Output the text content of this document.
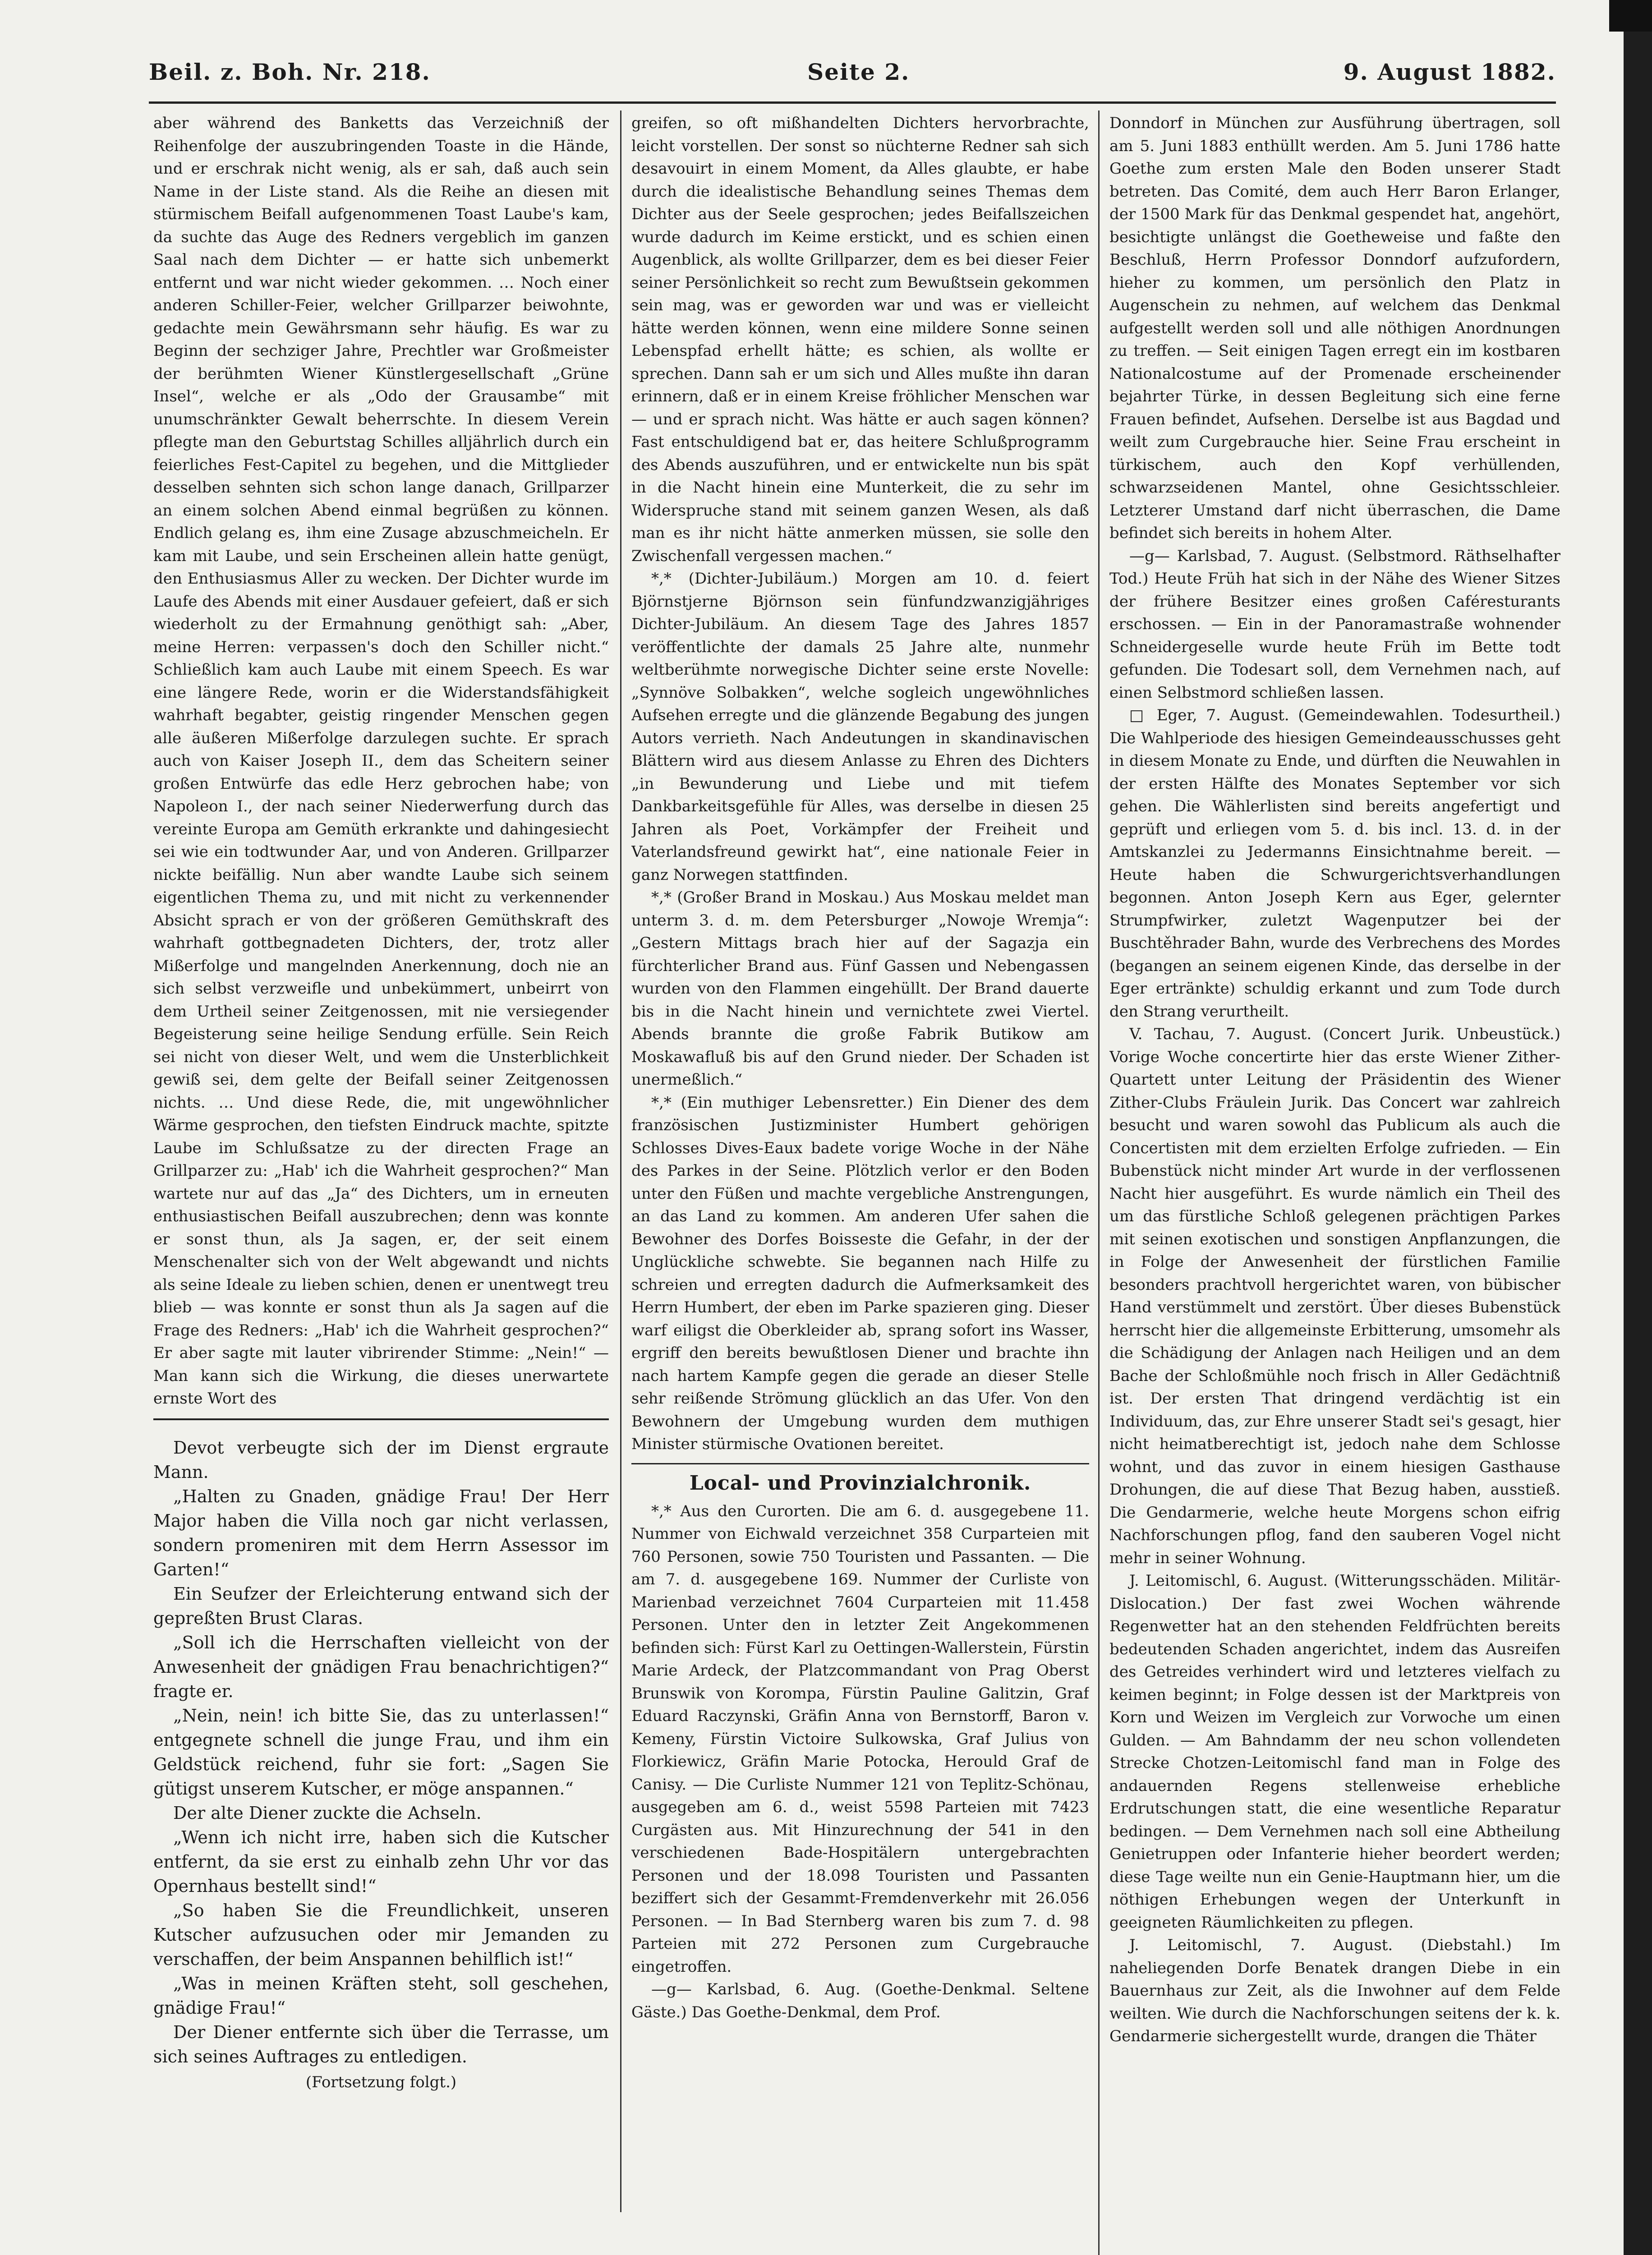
Beil. z. Boh. Nr. 218.	Seite 2.	9. August 1882.

aber während des Banketts das Verzeichniß der Reihenfolge der auszubringenden Toaste in die Hände, und er erschrak nicht wenig, als er sah, daß auch sein Name in der Liste stand. Als die Reihe an diesen mit stürmischem Beifall aufgenommenen Toast Laube's kam, da suchte das Auge des Redners vergeblich im ganzen Saal nach dem Dichter — er hatte sich unbemerkt entfernt und war nicht wieder gekommen. … Noch einer anderen Schiller-Feier, welcher Grillparzer beiwohnte, gedachte mein Gewährsmann sehr häufig. Es war zu Beginn der sechziger Jahre, Prechtler war Großmeister der berühmten Wiener Künstlergesellschaft „Grüne Insel“, welche er als „Odo der Grausambe“ mit unumschränkter Gewalt beherrschte. In diesem Verein pflegte man den Geburtstag Schilles alljährlich durch ein feierliches Fest-Capitel zu begehen, und die Mittglieder desselben sehnten sich schon lange danach, Grillparzer an einem solchen Abend einmal begrüßen zu können. Endlich gelang es, ihm eine Zusage abzuschmeicheln. Er kam mit Laube, und sein Erscheinen allein hatte genügt, den Enthusiasmus Aller zu wecken. Der Dichter wurde im Laufe des Abends mit einer Ausdauer gefeiert, daß er sich wiederholt zu der Ermahnung genöthigt sah: „Aber, meine Herren: verpassen's doch den Schiller nicht.“ Schließlich kam auch Laube mit einem Speech. Es war eine längere Rede, worin er die Widerstandsfähigkeit wahrhaft begabter, geistig ringender Menschen gegen alle äußeren Mißerfolge darzulegen suchte. Er sprach auch von Kaiser Joseph II., dem das Scheitern seiner großen Entwürfe das edle Herz gebrochen habe; von Napoleon I., der nach seiner Niederwerfung durch das vereinte Europa am Gemüth erkrankte und dahingesiecht sei wie ein todtwunder Aar, und von Anderen. Grillparzer nickte beifällig. Nun aber wandte Laube sich seinem eigentlichen Thema zu, und mit nicht zu verkennender Absicht sprach er von der größeren Gemüthskraft des wahrhaft gottbegnadeten Dichters, der, trotz aller Mißerfolge und mangelnden Anerkennung, doch nie an sich selbst verzweifle und unbekümmert, unbeirrt von dem Urtheil seiner Zeitgenossen, mit nie versiegender Begeisterung seine heilige Sendung erfülle. Sein Reich sei nicht von dieser Welt, und wem die Unsterblichkeit gewiß sei, dem gelte der Beifall seiner Zeitgenossen nichts. … Und diese Rede, die, mit ungewöhnlicher Wärme gesprochen, den tiefsten Eindruck machte, spitzte Laube im Schlußsatze zu der directen Frage an Grillparzer zu: „Hab' ich die Wahrheit gesprochen?“ Man wartete nur auf das „Ja“ des Dichters, um in erneuten enthusiastischen Beifall auszubrechen; denn was konnte er sonst thun, als Ja sagen, er, der seit einem Menschenalter sich von der Welt abgewandt und nichts als seine Ideale zu lieben schien, denen er unentwegt treu blieb — was konnte er sonst thun als Ja sagen auf die Frage des Redners: „Hab' ich die Wahrheit gesprochen?“ Er aber sagte mit lauter vibrirender Stimme: „Nein!“ — Man kann sich die Wirkung, die dieses unerwartete ernste Wort des

Devot verbeugte sich der im Dienst ergraute Mann.

„Halten zu Gnaden, gnädige Frau! Der Herr Major haben die Villa noch gar nicht verlassen, sondern promeniren mit dem Herrn Assessor im Garten!“

Ein Seufzer der Erleichterung entwand sich der gepreßten Brust Claras.

„Soll ich die Herrschaften vielleicht von der Anwesenheit der gnädigen Frau benachrichtigen?“ fragte er.

„Nein, nein! ich bitte Sie, das zu unterlassen!“ entgegnete schnell die junge Frau, und ihm ein Geldstück reichend, fuhr sie fort: „Sagen Sie gütigst unserem Kutscher, er möge anspannen.“

Der alte Diener zuckte die Achseln.

„Wenn ich nicht irre, haben sich die Kutscher entfernt, da sie erst zu einhalb zehn Uhr vor das Opernhaus bestellt sind!“

„So haben Sie die Freundlichkeit, unseren Kutscher aufzusuchen oder mir Jemanden zu verschaffen, der beim Anspannen behilflich ist!“

„Was in meinen Kräften steht, soll geschehen, gnädige Frau!“

Der Diener entfernte sich über die Terrasse, um sich seines Auftrages zu entledigen.

(Fortsetzung folgt.)

greifen, so oft mißhandelten Dichters hervorbrachte, leicht vorstellen. Der sonst so nüchterne Redner sah sich desavouirt in einem Moment, da Alles glaubte, er habe durch die idealistische Behandlung seines Themas dem Dichter aus der Seele gesprochen; jedes Beifallszeichen wurde dadurch im Keime erstickt, und es schien einen Augenblick, als wollte Grillparzer, dem es bei dieser Feier seiner Persönlichkeit so recht zum Bewußtsein gekommen sein mag, was er geworden war und was er vielleicht hätte werden können, wenn eine mildere Sonne seinen Lebenspfad erhellt hätte; es schien, als wollte er sprechen. Dann sah er um sich und Alles mußte ihn daran erinnern, daß er in einem Kreise fröhlicher Menschen war — und er sprach nicht. Was hätte er auch sagen können? Fast entschuldigend bat er, das heitere Schlußprogramm des Abends auszuführen, und er entwickelte nun bis spät in die Nacht hinein eine Munterkeit, die zu sehr im Widerspruche stand mit seinem ganzen Wesen, als daß man es ihr nicht hätte anmerken müssen, sie solle den Zwischenfall vergessen machen.“

*,* (Dichter-Jubiläum.) Morgen am 10. d. feiert Björnstjerne Björnson sein fünfundzwanzigjähriges Dichter-Jubiläum. An diesem Tage des Jahres 1857 veröffentlichte der damals 25 Jahre alte, nunmehr weltberühmte norwegische Dichter seine erste Novelle: „Synnöve Solbakken“, welche sogleich ungewöhnliches Aufsehen erregte und die glänzende Begabung des jungen Autors verrieth. Nach Andeutungen in skandinavischen Blättern wird aus diesem Anlasse zu Ehren des Dichters „in Bewunderung und Liebe und mit tiefem Dankbarkeitsgefühle für Alles, was derselbe in diesen 25 Jahren als Poet, Vorkämpfer der Freiheit und Vaterlandsfreund gewirkt hat“, eine nationale Feier in ganz Norwegen stattfinden.

*,* (Großer Brand in Moskau.) Aus Moskau meldet man unterm 3. d. m. dem Petersburger „Nowoje Wremja“: „Gestern Mittags brach hier auf der Sagazja ein fürchterlicher Brand aus. Fünf Gassen und Nebengassen wurden von den Flammen eingehüllt. Der Brand dauerte bis in die Nacht hinein und vernichtete zwei Viertel. Abends brannte die große Fabrik Butikow am Moskawafluß bis auf den Grund nieder. Der Schaden ist unermeßlich.“

*,* (Ein muthiger Lebensretter.) Ein Diener des dem französischen Justizminister Humbert gehörigen Schlosses Dives-Eaux badete vorige Woche in der Nähe des Parkes in der Seine. Plötzlich verlor er den Boden unter den Füßen und machte vergebliche Anstrengungen, an das Land zu kommen. Am anderen Ufer sahen die Bewohner des Dorfes Boisseste die Gefahr, in der der Unglückliche schwebte. Sie begannen nach Hilfe zu schreien und erregten dadurch die Aufmerksamkeit des Herrn Humbert, der eben im Parke spazieren ging. Dieser warf eiligst die Oberkleider ab, sprang sofort ins Wasser, ergriff den bereits bewußtlosen Diener und brachte ihn nach hartem Kampfe gegen die gerade an dieser Stelle sehr reißende Strömung glücklich an das Ufer. Von den Bewohnern der Umgebung wurden dem muthigen Minister stürmische Ovationen bereitet.

Local- und Provinzialchronik.

*,* Aus den Curorten. Die am 6. d. ausgegebene 11. Nummer von Eichwald verzeichnet 358 Curparteien mit 760 Personen, sowie 750 Touristen und Passanten. — Die am 7. d. ausgegebene 169. Nummer der Curliste von Marienbad verzeichnet 7604 Curparteien mit 11.458 Personen. Unter den in letzter Zeit Angekommenen befinden sich: Fürst Karl zu Oettingen-Wallerstein, Fürstin Marie Ardeck, der Platzcommandant von Prag Oberst Brunswik von Korompa, Fürstin Pauline Galitzin, Graf Eduard Raczynski, Gräfin Anna von Bernstorff, Baron v. Kemeny, Fürstin Victoire Sulkowska, Graf Julius von Florkiewicz, Gräfin Marie Potocka, Herould Graf de Canisy. — Die Curliste Nummer 121 von Teplitz-Schönau, ausgegeben am 6. d., weist 5598 Parteien mit 7423 Curgästen aus. Mit Hinzurechnung der 541 in den verschiedenen Bade-Hospitälern untergebrachten Personen und der 18.098 Touristen und Passanten beziffert sich der Gesammt-Fremdenverkehr mit 26.056 Personen. — In Bad Sternberg waren bis zum 7. d. 98 Parteien mit 272 Personen zum Curgebrauche eingetroffen.

—g— Karlsbad, 6. Aug. (Goethe-Denkmal. Seltene Gäste.) Das Goethe-Denkmal, dem Prof.

Donndorf in München zur Ausführung übertragen, soll am 5. Juni 1883 enthüllt werden. Am 5. Juni 1786 hatte Goethe zum ersten Male den Boden unserer Stadt betreten. Das Comité, dem auch Herr Baron Erlanger, der 1500 Mark für das Denkmal gespendet hat, angehört, besichtigte unlängst die Goetheweise und faßte den Beschluß, Herrn Professor Donndorf aufzufordern, hieher zu kommen, um persönlich den Platz in Augenschein zu nehmen, auf welchem das Denkmal aufgestellt werden soll und alle nöthigen Anordnungen zu treffen. — Seit einigen Tagen erregt ein im kostbaren Nationalcostume auf der Promenade erscheinender bejahrter Türke, in dessen Begleitung sich eine ferne Frauen befindet, Aufsehen. Derselbe ist aus Bagdad und weilt zum Curgebrauche hier. Seine Frau erscheint in türkischem, auch den Kopf verhüllenden, schwarzseidenen Mantel, ohne Gesichtsschleier. Letzterer Umstand darf nicht überraschen, die Dame befindet sich bereits in hohem Alter.

—g— Karlsbad, 7. August. (Selbstmord. Räthselhafter Tod.) Heute Früh hat sich in der Nähe des Wiener Sitzes der frühere Besitzer eines großen Caféresturants erschossen. — Ein in der Panoramastraße wohnender Schneidergeselle wurde heute Früh im Bette todt gefunden. Die Todesart soll, dem Vernehmen nach, auf einen Selbstmord schließen lassen.

□ Eger, 7. August. (Gemeindewahlen. Todesurtheil.) Die Wahlperiode des hiesigen Gemeindeausschusses geht in diesem Monate zu Ende, und dürften die Neuwahlen in der ersten Hälfte des Monates September vor sich gehen. Die Wählerlisten sind bereits angefertigt und geprüft und erliegen vom 5. d. bis incl. 13. d. in der Amtskanzlei zu Jedermanns Einsichtnahme bereit. — Heute haben die Schwurgerichtsverhandlungen begonnen. Anton Joseph Kern aus Eger, gelernter Strumpfwirker, zuletzt Wagenputzer bei der Buschtěhrader Bahn, wurde des Verbrechens des Mordes (begangen an seinem eigenen Kinde, das derselbe in der Eger ertränkte) schuldig erkannt und zum Tode durch den Strang verurtheilt.

V. Tachau, 7. August. (Concert Jurik. Unbeustück.) Vorige Woche concertirte hier das erste Wiener Zither-Quartett unter Leitung der Präsidentin des Wiener Zither-Clubs Fräulein Jurik. Das Concert war zahlreich besucht und waren sowohl das Publicum als auch die Concertisten mit dem erzielten Erfolge zufrieden. — Ein Bubenstück nicht minder Art wurde in der verflossenen Nacht hier ausgeführt. Es wurde nämlich ein Theil des um das fürstliche Schloß gelegenen prächtigen Parkes mit seinen exotischen und sonstigen Anpflanzungen, die in Folge der Anwesenheit der fürstlichen Familie besonders prachtvoll hergerichtet waren, von bübischer Hand verstümmelt und zerstört. Über dieses Bubenstück herrscht hier die allgemeinste Erbitterung, umsomehr als die Schädigung der Anlagen nach Heiligen und an dem Bache der Schloßmühle noch frisch in Aller Gedächtniß ist. Der ersten That dringend verdächtig ist ein Individuum, das, zur Ehre unserer Stadt sei's gesagt, hier nicht heimatberechtigt ist, jedoch nahe dem Schlosse wohnt, und das zuvor in einem hiesigen Gasthause Drohungen, die auf diese That Bezug haben, ausstieß. Die Gendarmerie, welche heute Morgens schon eifrig Nachforschungen pflog, fand den sauberen Vogel nicht mehr in seiner Wohnung.

J. Leitomischl, 6. August. (Witterungsschäden. Militär-Dislocation.) Der fast zwei Wochen währende Regenwetter hat an den stehenden Feldfrüchten bereits bedeutenden Schaden angerichtet, indem das Ausreifen des Getreides verhindert wird und letzteres vielfach zu keimen beginnt; in Folge dessen ist der Marktpreis von Korn und Weizen im Vergleich zur Vorwoche um einen Gulden. — Am Bahndamm der neu schon vollendeten Strecke Chotzen-Leitomischl fand man in Folge des andauernden Regens stellenweise erhebliche Erdrutschungen statt, die eine wesentliche Reparatur bedingen. — Dem Vernehmen nach soll eine Abtheilung Genietruppen oder Infanterie hieher beordert werden; diese Tage weilte nun ein Genie-Hauptmann hier, um die nöthigen Erhebungen wegen der Unterkunft in geeigneten Räumlichkeiten zu pflegen.

J. Leitomischl, 7. August. (Diebstahl.) Im naheliegenden Dorfe Benatek drangen Diebe in ein Bauernhaus zur Zeit, als die Inwohner auf dem Felde weilten. Wie durch die Nachforschungen seitens der k. k. Gendarmerie sichergestellt wurde, drangen die Thäter
